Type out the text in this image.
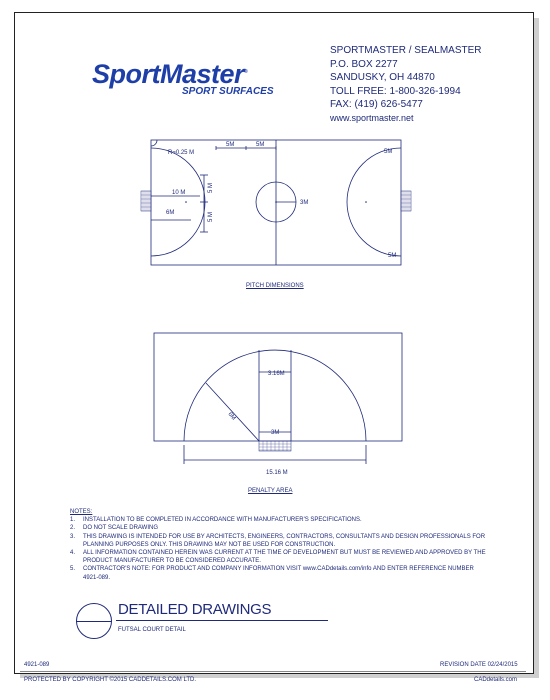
SportMaster®
SPORT SURFACES
SPORTMASTER / SEALMASTER
P.O. BOX 2277
SANDUSKY, OH 44870
TOLL FREE: 1-800-326-1994
FAX: (419) 626-5477
www.sportmaster.net
R=0.25 M
5M	5M
10 M
6M
5 M
5 M
3M
5M
5M
3.16M
6M
3M
15.16 M
PITCH DIMENSIONS
PENALTY AREA
NOTES:
1.	INSTALLATION TO BE COMPLETED IN ACCORDANCE WITH MANUFACTURER'S SPECIFICATIONS.
2.	DO NOT SCALE DRAWING
3.	THIS DRAWING IS INTENDED FOR USE BY ARCHITECTS, ENGINEERS, CONTRACTORS, CONSULTANTS AND DESIGN PROFESSIONALS FOR PLANNING PURPOSES ONLY. THIS DRAWING MAY NOT BE USED FOR CONSTRUCTION.
4.	ALL INFORMATION CONTAINED HEREIN WAS CURRENT AT THE TIME OF DEVELOPMENT BUT MUST BE REVIEWED AND APPROVED BY THE PRODUCT MANUFACTURER TO BE CONSIDERED ACCURATE.
5.	CONTRACTOR'S NOTE: FOR PRODUCT AND COMPANY INFORMATION VISIT www.CADdetails.com/info AND ENTER REFERENCE NUMBER 4921-089.
DETAILED DRAWINGS
FUTSAL COURT DETAIL
4921-089	REVISION DATE 02/24/2015
PROTECTED BY COPYRIGHT ©2015 CADDETAILS.COM LTD.	CADdetails.com
